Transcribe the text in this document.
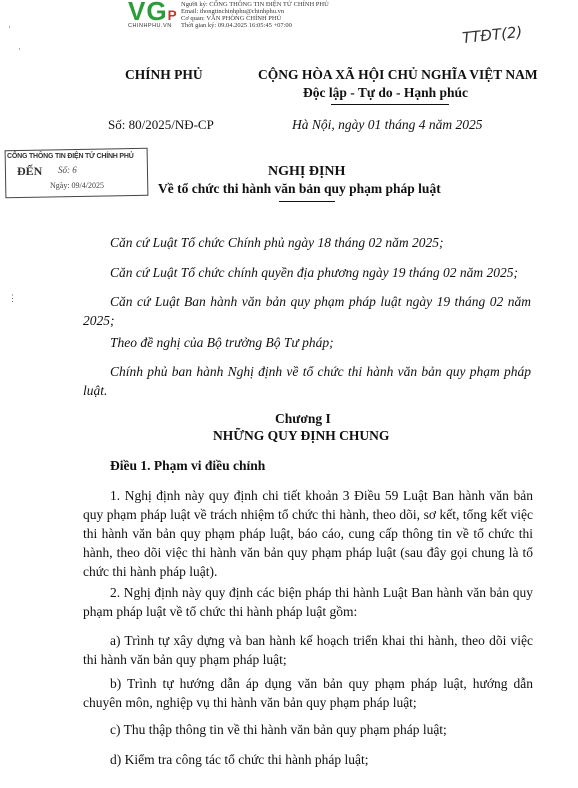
VGP
CHINHPHU.VN
Người ký: CỔNG THÔNG TIN ĐIỆN TỬ CHÍNH PHỦ
Email: thongtinchinhphu@chinhphu.vn
Cơ quan: VĂN PHÒNG CHÍNH PHỦ
Thời gian ký: 09.04.2025 16:05:45 +07:00	TTĐT(2)
·
·
⋮
CHÍNH PHỦ	CỘNG HÒA XÃ HỘI CHỦ NGHĨA VIỆT NAM
Độc lập - Tự do - Hạnh phúc
Số: 80/2025/NĐ-CP	Hà Nội, ngày 01 tháng 4 năm 2025
CỔNG THÔNG TIN ĐIỆN TỬ CHÍNH PHỦ
ĐẾN Số: 6
Ngày: 09/4/2025
NGHỊ ĐỊNH
Về tổ chức thi hành văn bản quy phạm pháp luật
Căn cứ Luật Tổ chức Chính phủ ngày 18 tháng 02 năm 2025;
Căn cứ Luật Tổ chức chính quyền địa phương ngày 19 tháng 02 năm 2025;
Căn cứ Luật Ban hành văn bản quy phạm pháp luật ngày 19 tháng 02 năm 2025;
Theo đề nghị của Bộ trưởng Bộ Tư pháp;
Chính phủ ban hành Nghị định về tổ chức thi hành văn bản quy phạm pháp luật.
Chương I
NHỮNG QUY ĐỊNH CHUNG
Điều 1. Phạm vi điều chỉnh
1. Nghị định này quy định chi tiết khoản 3 Điều 59 Luật Ban hành văn bản quy phạm pháp luật về trách nhiệm tổ chức thi hành, theo dõi, sơ kết, tổng kết việc thi hành văn bản quy phạm pháp luật, báo cáo, cung cấp thông tin về tổ chức thi hành, theo dõi việc thi hành văn bản quy phạm pháp luật (sau đây gọi chung là tổ chức thi hành pháp luật).
2. Nghị định này quy định các biện pháp thi hành Luật Ban hành văn bản quy phạm pháp luật về tổ chức thi hành pháp luật gồm:
a) Trình tự xây dựng và ban hành kế hoạch triển khai thi hành, theo dõi việc thi hành văn bản quy phạm pháp luật;
b) Trình tự hướng dẫn áp dụng văn bản quy phạm pháp luật, hướng dẫn chuyên môn, nghiệp vụ thi hành văn bản quy phạm pháp luật;
c) Thu thập thông tin về thi hành văn bản quy phạm pháp luật;
d) Kiểm tra công tác tổ chức thi hành pháp luật;
